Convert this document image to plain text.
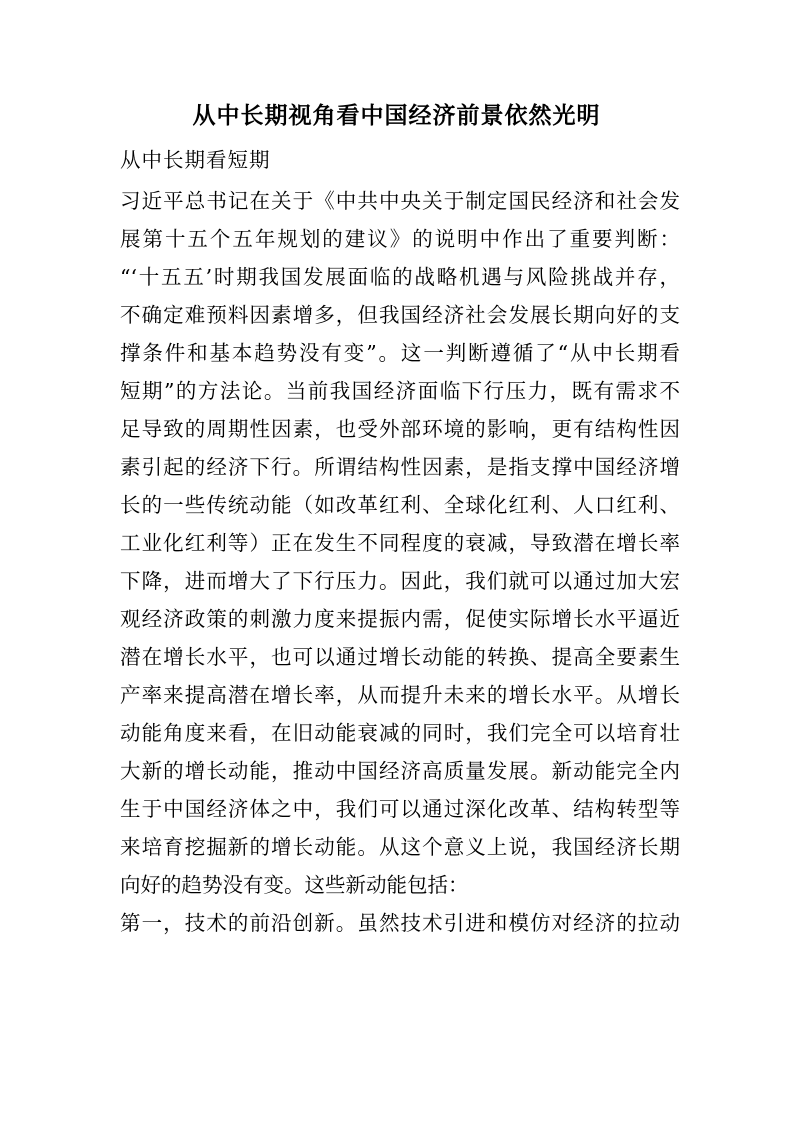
从中长期视角看中国经济前景依然光明
从中长期看短期
习近平总书记在关于《中共中央关于制定国民经济和社会发
展第十五个五年规划的建议》的说明中作出了重要判断：
“‘十五五’时期我国发展面临的战略机遇与风险挑战并存，
不确定难预料因素增多，但我国经济社会发展长期向好的支
撑条件和基本趋势没有变”。这一判断遵循了“从中长期看
短期”的方法论。当前我国经济面临下行压力，既有需求不
足导致的周期性因素，也受外部环境的影响，更有结构性因
素引起的经济下行。所谓结构性因素，是指支撑中国经济增
长的一些传统动能（如改革红利、全球化红利、人口红利、
工业化红利等）正在发生不同程度的衰减，导致潜在增长率
下降，进而增大了下行压力。因此，我们就可以通过加大宏
观经济政策的刺激力度来提振内需，促使实际增长水平逼近
潜在增长水平，也可以通过增长动能的转换、提高全要素生
产率来提高潜在增长率，从而提升未来的增长水平。从增长
动能角度来看，在旧动能衰减的同时，我们完全可以培育壮
大新的增长动能，推动中国经济高质量发展。新动能完全内
生于中国经济体之中，我们可以通过深化改革、结构转型等
来培育挖掘新的增长动能。从这个意义上说，我国经济长期
向好的趋势没有变。这些新动能包括：
第一，技术的前沿创新。虽然技术引进和模仿对经济的拉动
